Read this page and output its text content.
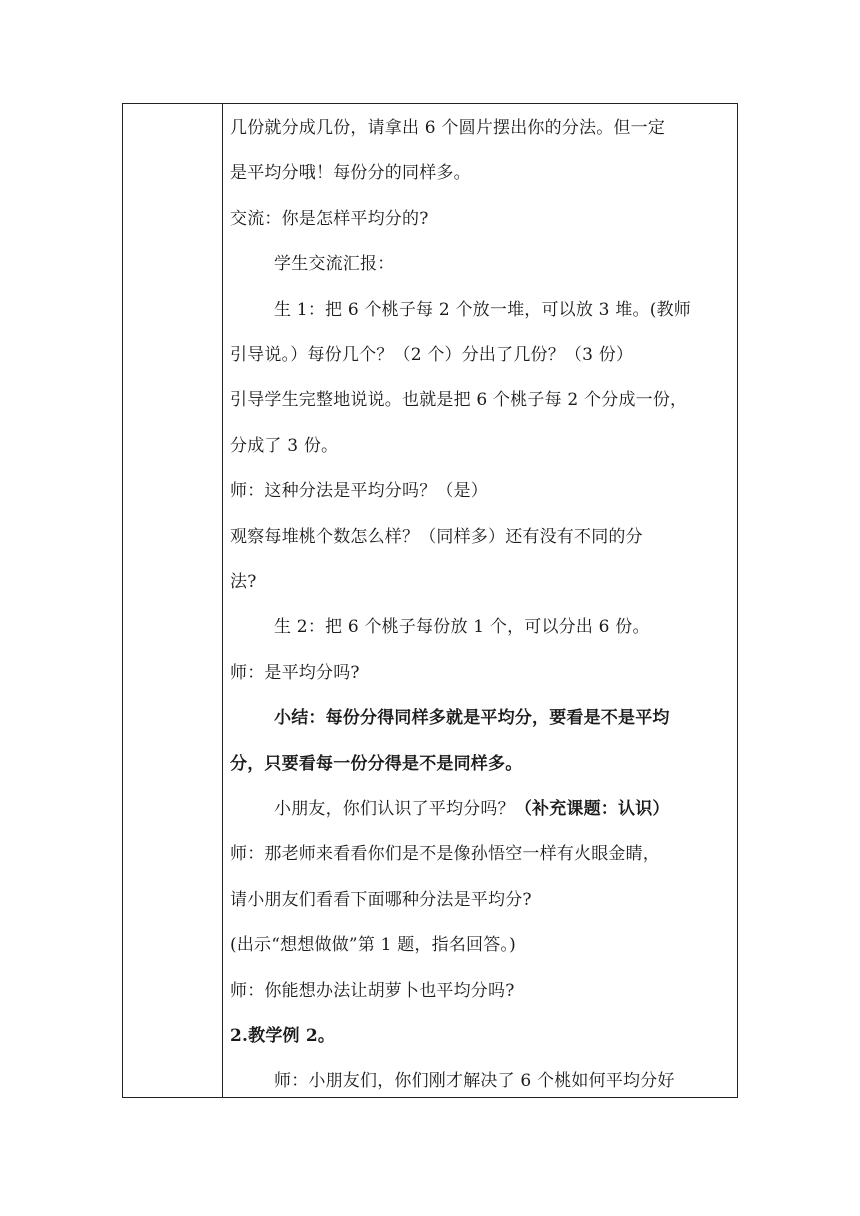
几份就分成几份，请拿出 6 个圆片摆出你的分法。但一定
是平均分哦！每份分的同样多。
交流：你是怎样平均分的?
学生交流汇报：
生 1：把 6 个桃子每 2 个放一堆，可以放 3 堆。(教师
引导说。）每份几个？（2 个）分出了几份？（3 份）
引导学生完整地说说。也就是把 6 个桃子每 2 个分成一份，
分成了 3 份。
师：这种分法是平均分吗？（是）
观察每堆桃个数怎么样？（同样多）还有没有不同的分
法?
生 2：把 6 个桃子每份放 1 个，可以分出 6 份。
师：是平均分吗?
小结：每份分得同样多就是平均分，要看是不是平均
分，只要看每一份分得是不是同样多。
小朋友，你们认识了平均分吗？（补充课题：认识）
师：那老师来看看你们是不是像孙悟空一样有火眼金睛，
请小朋友们看看下面哪种分法是平均分?
(出示“想想做做”第 1 题，指名回答。)
师：你能想办法让胡萝卜也平均分吗?
2.教学例 2。
师：小朋友们，你们刚才解决了 6 个桃如何平均分好
